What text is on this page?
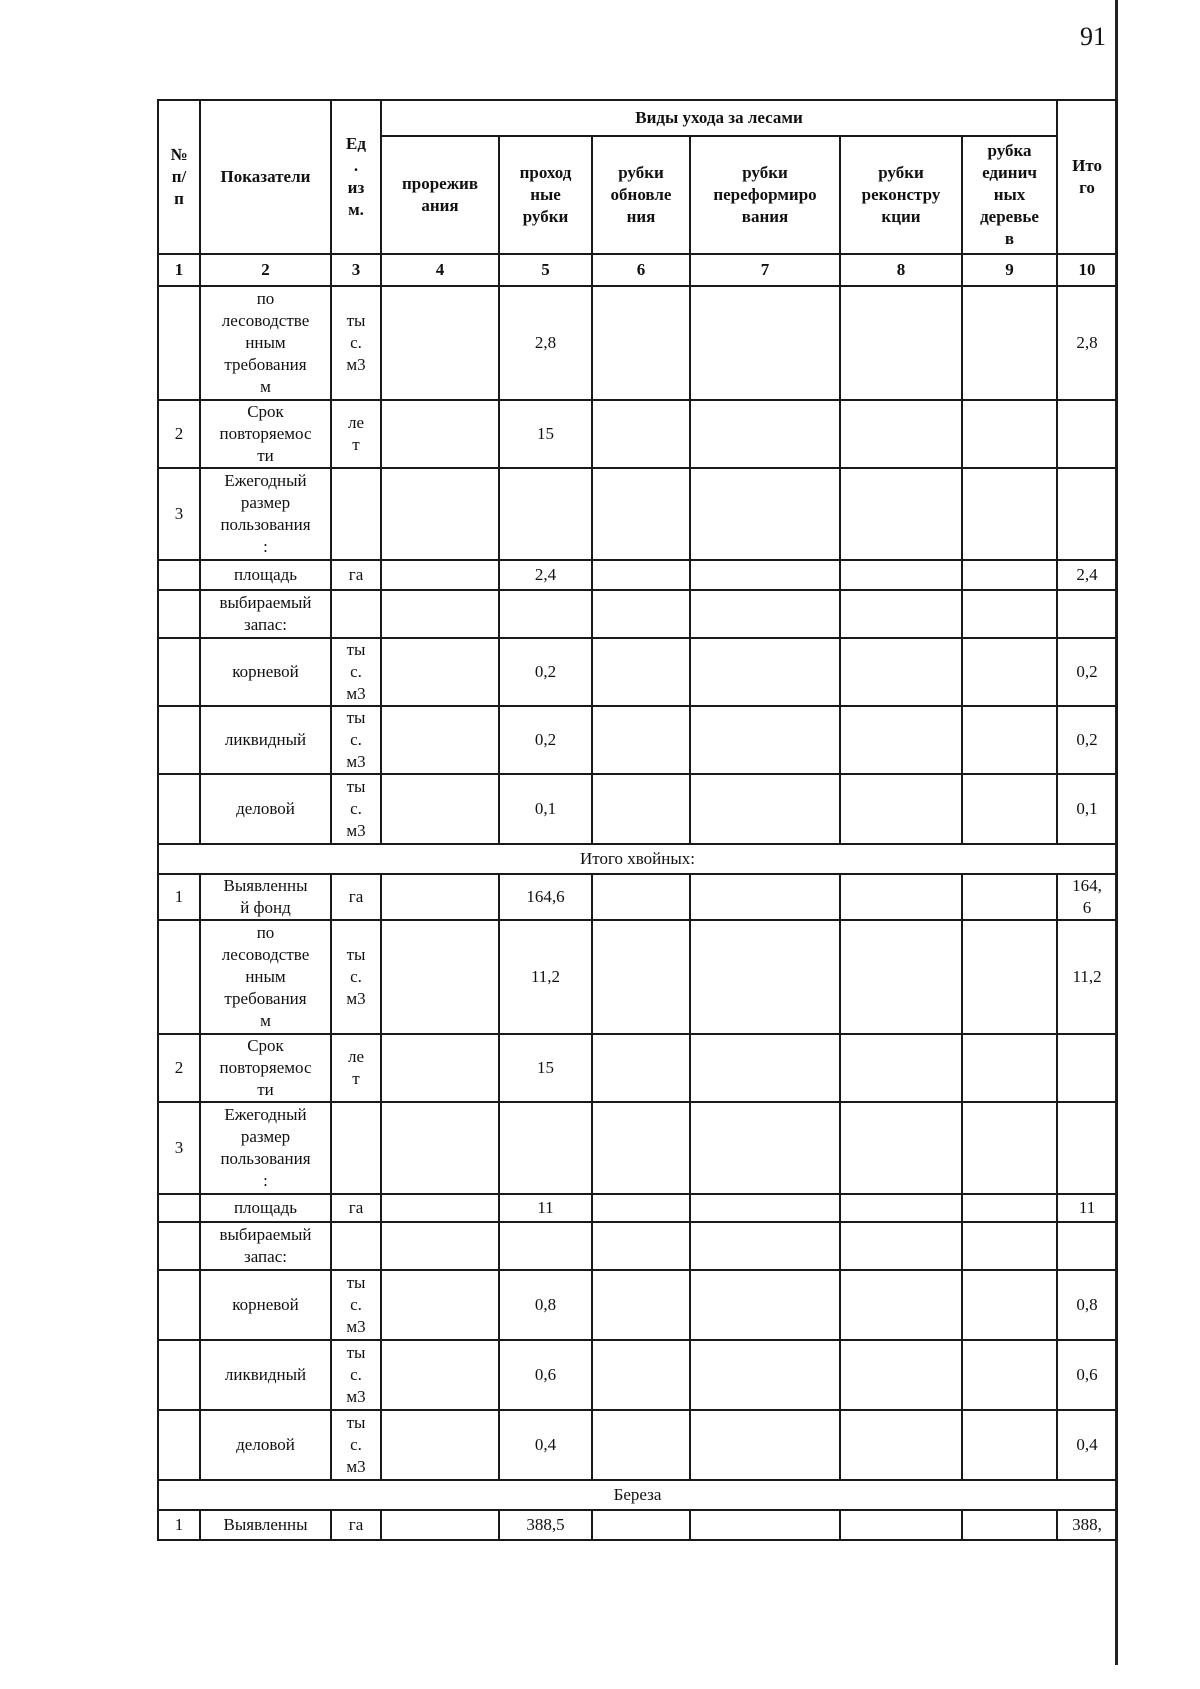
91
№
п/
п	Показатели	Ед
.
из
м.	Виды ухода за лесами						Ито
го
			прорежив
ания	проход
ные
рубки	рубки
обновле
ния	рубки
переформиро
вания	рубки
реконстру
кции	рубка
единич
ных
деревье
в	
1	2	3	4	5	6	7	8	9	10
	по
лесоводстве
нным
требования
м	ты
с.
м3		2,8					2,8
2	Срок
повторяемос
ти	ле
т		15					
3	Ежегодный
размер
пользования
:								
	площадь	га		2,4					2,4
	выбираемый
запас:								
	корневой	ты
с.
м3		0,2					0,2
	ликвидный	ты
с.
м3		0,2					0,2
	деловой	ты
с.
м3		0,1					0,1
Итого хвойных:									
1	Выявленны
й фонд	га		164,6					164,
6
	по
лесоводстве
нным
требования
м	ты
с.
м3		11,2					11,2
2	Срок
повторяемос
ти	ле
т		15					
3	Ежегодный
размер
пользования
:								
	площадь	га		11					11
	выбираемый
запас:								
	корневой	ты
с.
м3		0,8					0,8
	ликвидный	ты
с.
м3		0,6					0,6
	деловой	ты
с.
м3		0,4					0,4
Береза									
1	Выявленны	га		388,5					388,
